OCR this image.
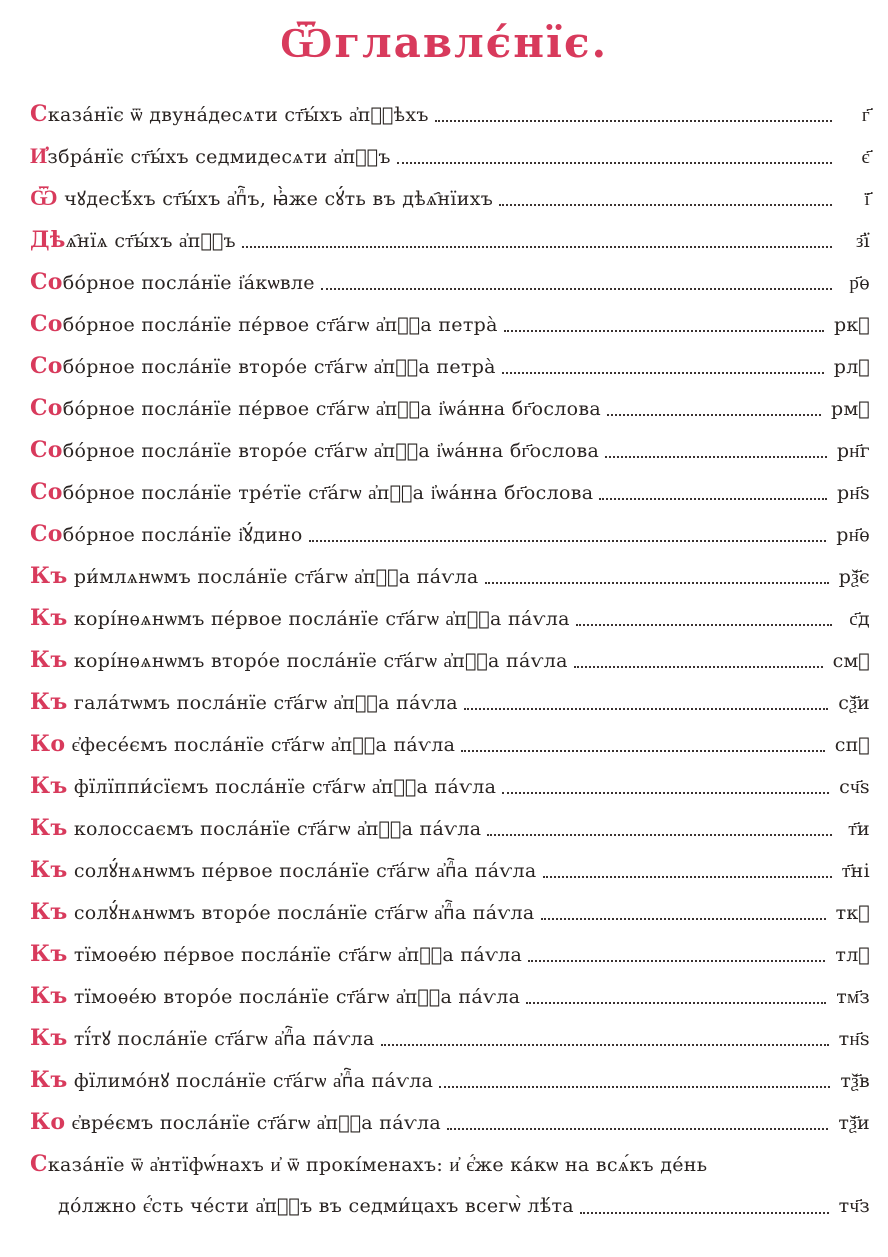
Ѿглавлє́нїє.
Сказа́нїє ѿ двуна́десѧти ст҃ы́хъ а҆пⷧ҇ѣхъ	г҃
И҆збра́нїє ст҃ы́хъ седмидесѧти а҆пⷧ҇ъ	є҃
Ѿ чꙋдесѣ́хъ ст҃ы́хъ а҆пⷧ҇ъ, ꙗ҆̀же сꙋ́ть въ дѣѧ҄нїихъ	ї҃
Дѣѧ҄нїѧ ст҃ы́хъ а҆пⷧ҇ъ	з҃ї
Собо́рное посла́нїе і҆а́кѡвле	р҃ѳ
Собо́рное посла́нїе пе́рвое ст҃а́гѡ а҆пⷧ҇а петра̀	ркⷶ
Собо́рное посла́нїе второ́е ст҃а́гѡ а҆пⷧ҇а петра̀	рлⷡ
Собо́рное посла́нїе пе́рвое ст҃а́гѡ а҆пⷧ҇а і҆ѡа́нна бг҃ослова	рмⷶ
Собо́рное посла́нїе второ́е ст҃а́гѡ а҆пⷧ҇а і҆ѡа́нна бг҃ослова	рн҃г
Собо́рное посла́нїе тре́тїе ст҃а́гѡ а҆пⷧ҇а і҆ѡа́нна бг҃ослова	рн҃ѕ
Собо́рное посла́нїе і҆ꙋ́дино	рн҃ѳ
Къ ри́млѧнѡмъ посла́нїе ст҃а́гѡ а҆пⷧ҇а па́ѵла	рѯ҃є
Къ корі́нѳѧнѡмъ пе́рвое посла́нїе ст҃а́гѡ а҆пⷧ҇а па́ѵла	с҃д
Къ корі́нѳѧнѡмъ второ́е посла́нїе ст҃а́гѡ а҆пⷧ҇а па́ѵла	смⷡ
Къ гала́тѡмъ посла́нїе ст҃а́гѡ а҆пⷧ҇а па́ѵла	сѯ҃и
Ко є҆фесе́ємъ посла́нїе ст҃а́гѡ а҆пⷧ҇а па́ѵла	спⷡ
Къ фїлїппи́сїємъ посла́нїе ст҃а́гѡ а҆пⷧ҇а па́ѵла	сч҃ѕ
Къ колоссаємъ посла́нїе ст҃а́гѡ а҆пⷧ҇а па́ѵла	т҃и
Къ солꙋ́нѧнѡмъ пе́рвое посла́нїе ст҃а́гѡ а҆пⷧ҇а па́ѵла	т҃ні
Къ солꙋ́нѧнѡмъ второ́е посла́нїе ст҃а́гѡ а҆пⷧ҇а па́ѵла	ткⷰ
Къ тїмоѳе́ю пе́рвое посла́нїе ст҃а́гѡ а҆пⷧ҇а па́ѵла	тлⷷ
Къ тїмоѳе́ю второ́е посла́нїе ст҃а́гѡ а҆пⷧ҇а па́ѵла	тм҃з
Къ тї́тꙋ посла́нїе ст҃а́гѡ а҆пⷧ҇а па́ѵла	тн҃ѕ
Къ фїлимо́нꙋ посла́нїе ст҃а́гѡ а҆пⷧ҇а па́ѵла	тѯ҃в
Ко є҆вре́ємъ посла́нїе ст҃а́гѡ а҆пⷧ҇а па́ѵла	тѯ҃и
Сказа́нїе ѿ а҆нтїфѡ́нахъ и҆ ѿ прокі́менахъ: и҆ є҆́же ка́кѡ на всѧ́къ де́нь
до́лжно є҆́сть че́сти а҆пⷧ҇ъ въ седми́цахъ всегѡ̀ лѣ́та	тч҃з
